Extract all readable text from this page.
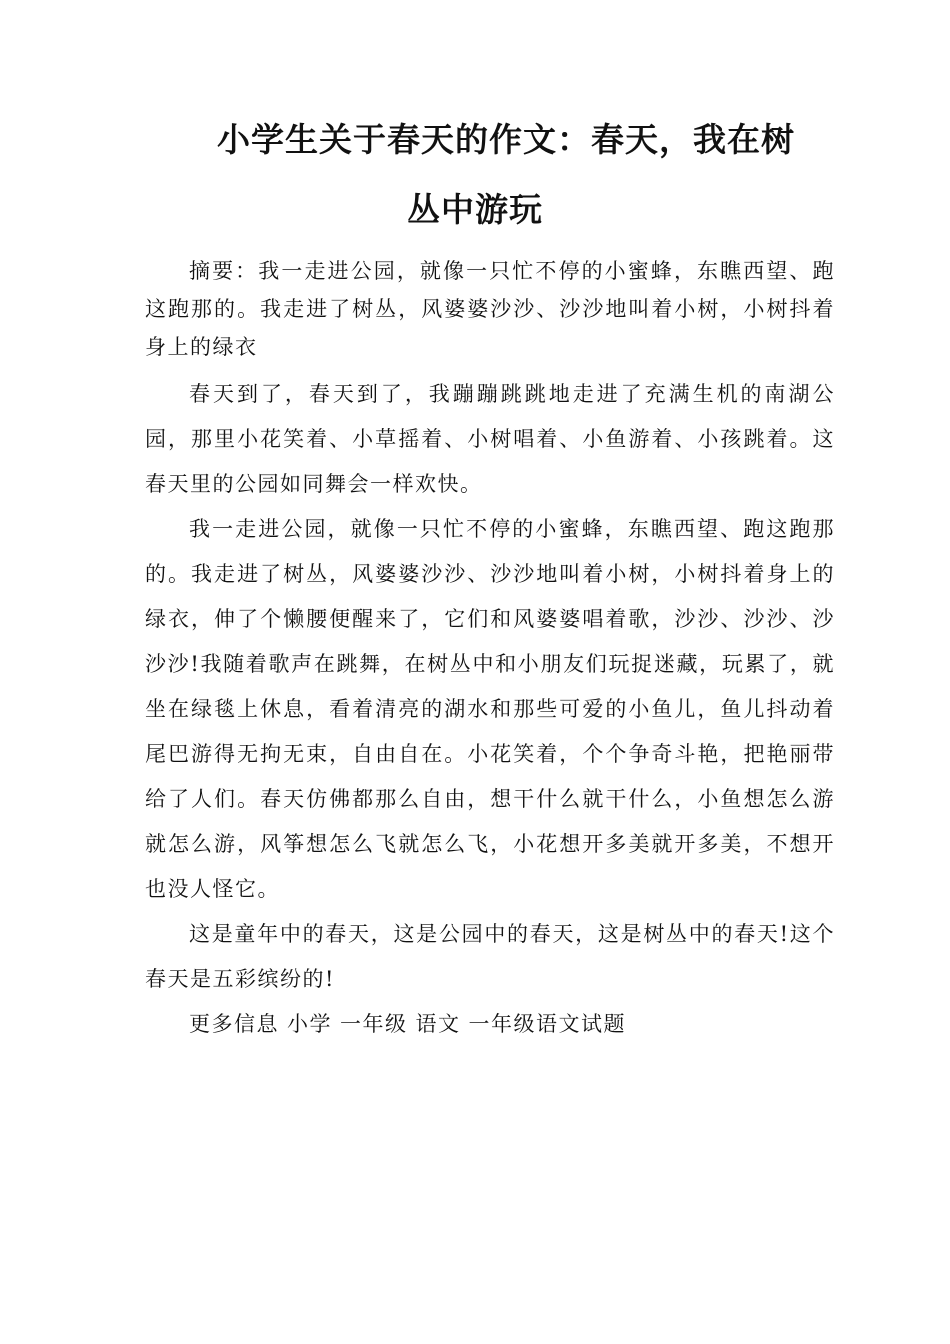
小学生关于春天的作文：春天，我在树
丛中游玩

摘要：我一走进公园，就像一只忙不停的小蜜蜂，东瞧西望、跑这跑那的。我走进了树丛，风婆婆沙沙、沙沙地叫着小树，小树抖着身上的绿衣

春天到了，春天到了，我蹦蹦跳跳地走进了充满生机的南湖公园，那里小花笑着、小草摇着、小树唱着、小鱼游着、小孩跳着。这春天里的公园如同舞会一样欢快。

我一走进公园，就像一只忙不停的小蜜蜂，东瞧西望、跑这跑那的。我走进了树丛，风婆婆沙沙、沙沙地叫着小树，小树抖着身上的绿衣，伸了个懒腰便醒来了，它们和风婆婆唱着歌，沙沙、沙沙、沙沙沙!我随着歌声在跳舞，在树丛中和小朋友们玩捉迷藏，玩累了，就坐在绿毯上休息，看着清亮的湖水和那些可爱的小鱼儿，鱼儿抖动着尾巴游得无拘无束，自由自在。小花笑着，个个争奇斗艳，把艳丽带给了人们。春天仿佛都那么自由，想干什么就干什么，小鱼想怎么游就怎么游，风筝想怎么飞就怎么飞，小花想开多美就开多美，不想开也没人怪它。

这是童年中的春天，这是公园中的春天，这是树丛中的春天!这个春天是五彩缤纷的!

更多信息 小学 一年级 语文 一年级语文试题
